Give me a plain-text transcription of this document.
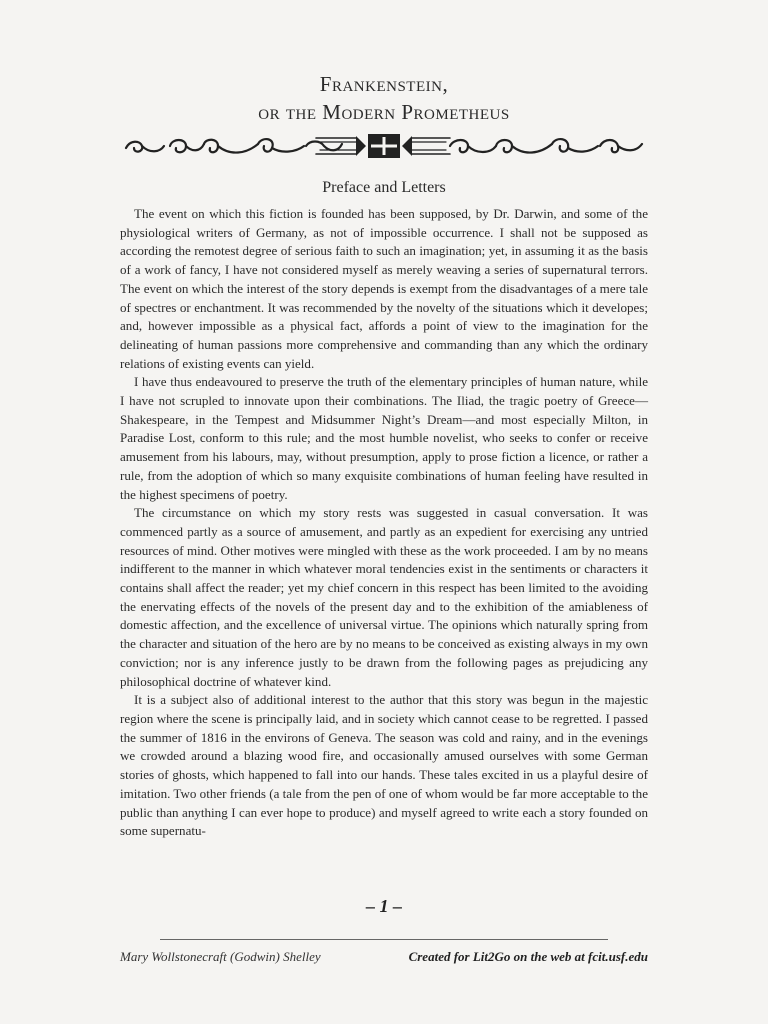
Frankenstein,
or the Modern Prometheus
Preface and Letters

The event on which this fiction is founded has been supposed, by Dr. Darwin, and some of the physiological writers of Germany, as not of impossible occurrence. I shall not be supposed as according the remotest degree of serious faith to such an imagination; yet, in assuming it as the basis of a work of fancy, I have not considered myself as merely weaving a series of supernatural terrors. The event on which the interest of the story depends is exempt from the disadvantages of a mere tale of spectres or enchantment. It was recommended by the novelty of the situations which it developes; and, however impossible as a physical fact, affords a point of view to the imagination for the delineating of human passions more comprehensive and commanding than any which the ordinary relations of existing events can yield.

I have thus endeavoured to preserve the truth of the elementary principles of human nature, while I have not scrupled to innovate upon their combinations. The Iliad, the tragic poetry of Greece—Shakespeare, in the Tempest and Midsummer Night’s Dream—and most especially Milton, in Paradise Lost, conform to this rule; and the most humble novelist, who seeks to confer or receive amusement from his labours, may, without presumption, apply to prose fiction a licence, or rather a rule, from the adoption of which so many exquisite combinations of human feeling have resulted in the highest specimens of poetry.

The circumstance on which my story rests was suggested in casual conversation. It was commenced partly as a source of amusement, and partly as an expedient for exercising any untried resources of mind. Other motives were mingled with these as the work proceeded. I am by no means indifferent to the manner in which whatever moral tendencies exist in the sentiments or characters it contains shall affect the reader; yet my chief concern in this respect has been limited to the avoiding the enervating effects of the novels of the present day and to the exhibition of the amiableness of domestic affection, and the excellence of universal virtue. The opinions which naturally spring from the character and situation of the hero are by no means to be conceived as existing always in my own conviction; nor is any inference justly to be drawn from the following pages as prejudicing any philosophical doctrine of whatever kind.

It is a subject also of additional interest to the author that this story was begun in the majestic region where the scene is principally laid, and in society which cannot cease to be regretted. I passed the summer of 1816 in the environs of Geneva. The season was cold and rainy, and in the evenings we crowded around a blazing wood fire, and occasionally amused ourselves with some German stories of ghosts, which happened to fall into our hands. These tales excited in us a playful desire of imitation. Two other friends (a tale from the pen of one of whom would be far more acceptable to the public than anything I can ever hope to produce) and myself agreed to write each a story founded on some supernatu-

– 1 –
Mary Wollstonecraft (Godwin) Shelley	Created for Lit2Go on the web at fcit.usf.edu
